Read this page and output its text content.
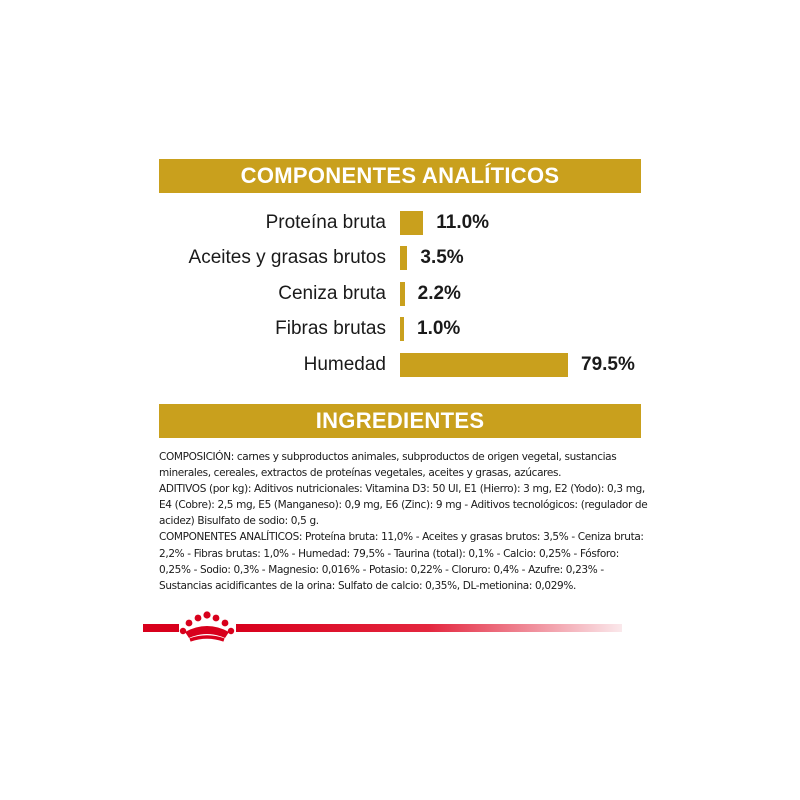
COMPONENTES ANALÍTICOS
Proteína bruta	11.0%
Aceites y grasas brutos 3.5%
Ceniza bruta 2.2%
Fibras brutas 1.0%
Humedad	79.5%
INGREDIENTES

COMPOSICIÓN: carnes y subproductos animales, subproductos de origen vegetal, sustancias minerales, cereales, extractos de proteínas vegetales, aceites y grasas, azúcares.

ADITIVOS (por kg): Aditivos nutricionales: Vitamina D3: 50 UI, E1 (Hierro): 3 mg, E2 (Yodo): 0,3 mg, E4 (Cobre): 2,5 mg, E5 (Manganeso): 0,9 mg, E6 (Zinc): 9 mg - Aditivos tecnológicos: (regulador de acidez) Bisulfato de sodio: 0,5 g.

COMPONENTES ANALÍTICOS: Proteína bruta: 11,0% - Aceites y grasas brutos: 3,5% - Ceniza bruta: 2,2% - Fibras brutas: 1,0% - Humedad: 79,5% - Taurina (total): 0,1% - Calcio: 0,25% - Fósforo: 0,25% - Sodio: 0,3% - Magnesio: 0,016% - Potasio: 0,22% - Cloruro: 0,4% - Azufre: 0,23% - Sustancias acidificantes de la orina: Sulfato de calcio: 0,35%, DL-metionina: 0,029%.
